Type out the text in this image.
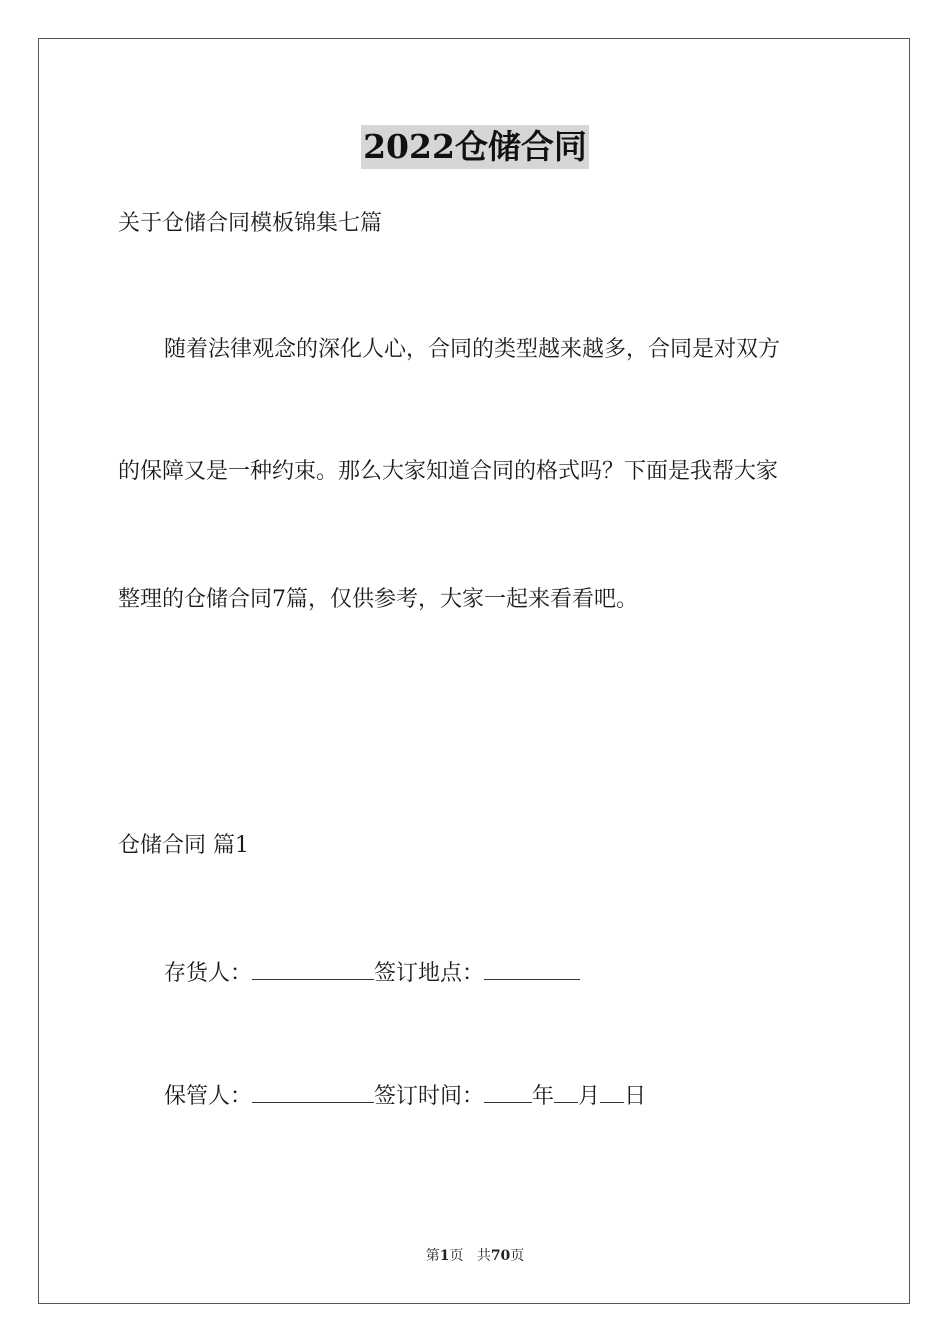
2022仓储合同
关于仓储合同模板锦集七篇
随着法律观念的深化人心，合同的类型越来越多，合同是对双方
的保障又是一种约束。那么大家知道合同的格式吗？下面是我帮大家
整理的仓储合同7篇，仅供参考，大家一起来看看吧。
仓储合同 篇1
存货人：	签订地点：
保管人：	签订时间： 年 月 日
第1页 共70页
